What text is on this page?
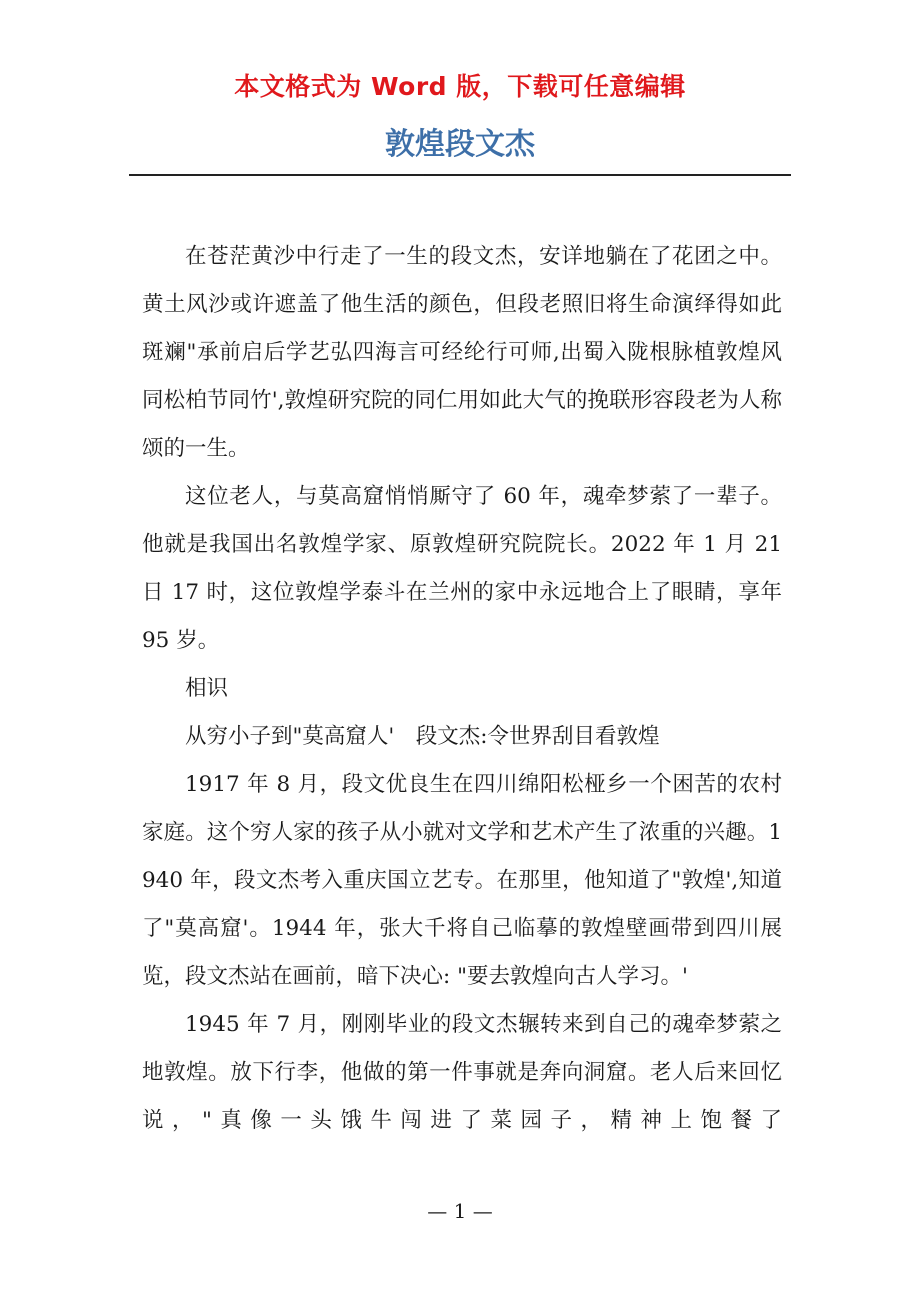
本文格式为 Word 版，下载可任意编辑
敦煌段文杰

在苍茫黄沙中行走了一生的段文杰，安详地躺在了花团之中。黄土风沙或许遮盖了他生活的颜色，但段老照旧将生命演绎得如此斑斓"承前启后学艺弘四海言可经纶行可师,出蜀入陇根脉植敦煌风同松柏节同竹',敦煌研究院的同仁用如此大气的挽联形容段老为人称颂的一生。

这位老人，与莫高窟悄悄厮守了 60 年，魂牵梦萦了一辈子。他就是我国出名敦煌学家、原敦煌研究院院长。2022 年 1 月 21 日 17 时，这位敦煌学泰斗在兰州的家中永远地合上了眼睛，享年 95 岁。

相识

从穷小子到"莫高窟人'　段文杰:令世界刮目看敦煌

1917 年 8 月，段文优良生在四川绵阳松桠乡一个困苦的农村家庭。这个穷人家的孩子从小就对文学和艺术产生了浓重的兴趣。1940 年，段文杰考入重庆国立艺专。在那里，他知道了"敦煌',知道了"莫高窟'。1944 年，张大千将自己临摹的敦煌壁画带到四川展览，段文杰站在画前，暗下决心: "要去敦煌向古人学习。'

1945 年 7 月，刚刚毕业的段文杰辗转来到自己的魂牵梦萦之地敦煌。放下行李，他做的第一件事就是奔向洞窟。老人后来回忆说，"真像一头饿牛闯进了菜园子，精神上饱餐了

— 1 —
